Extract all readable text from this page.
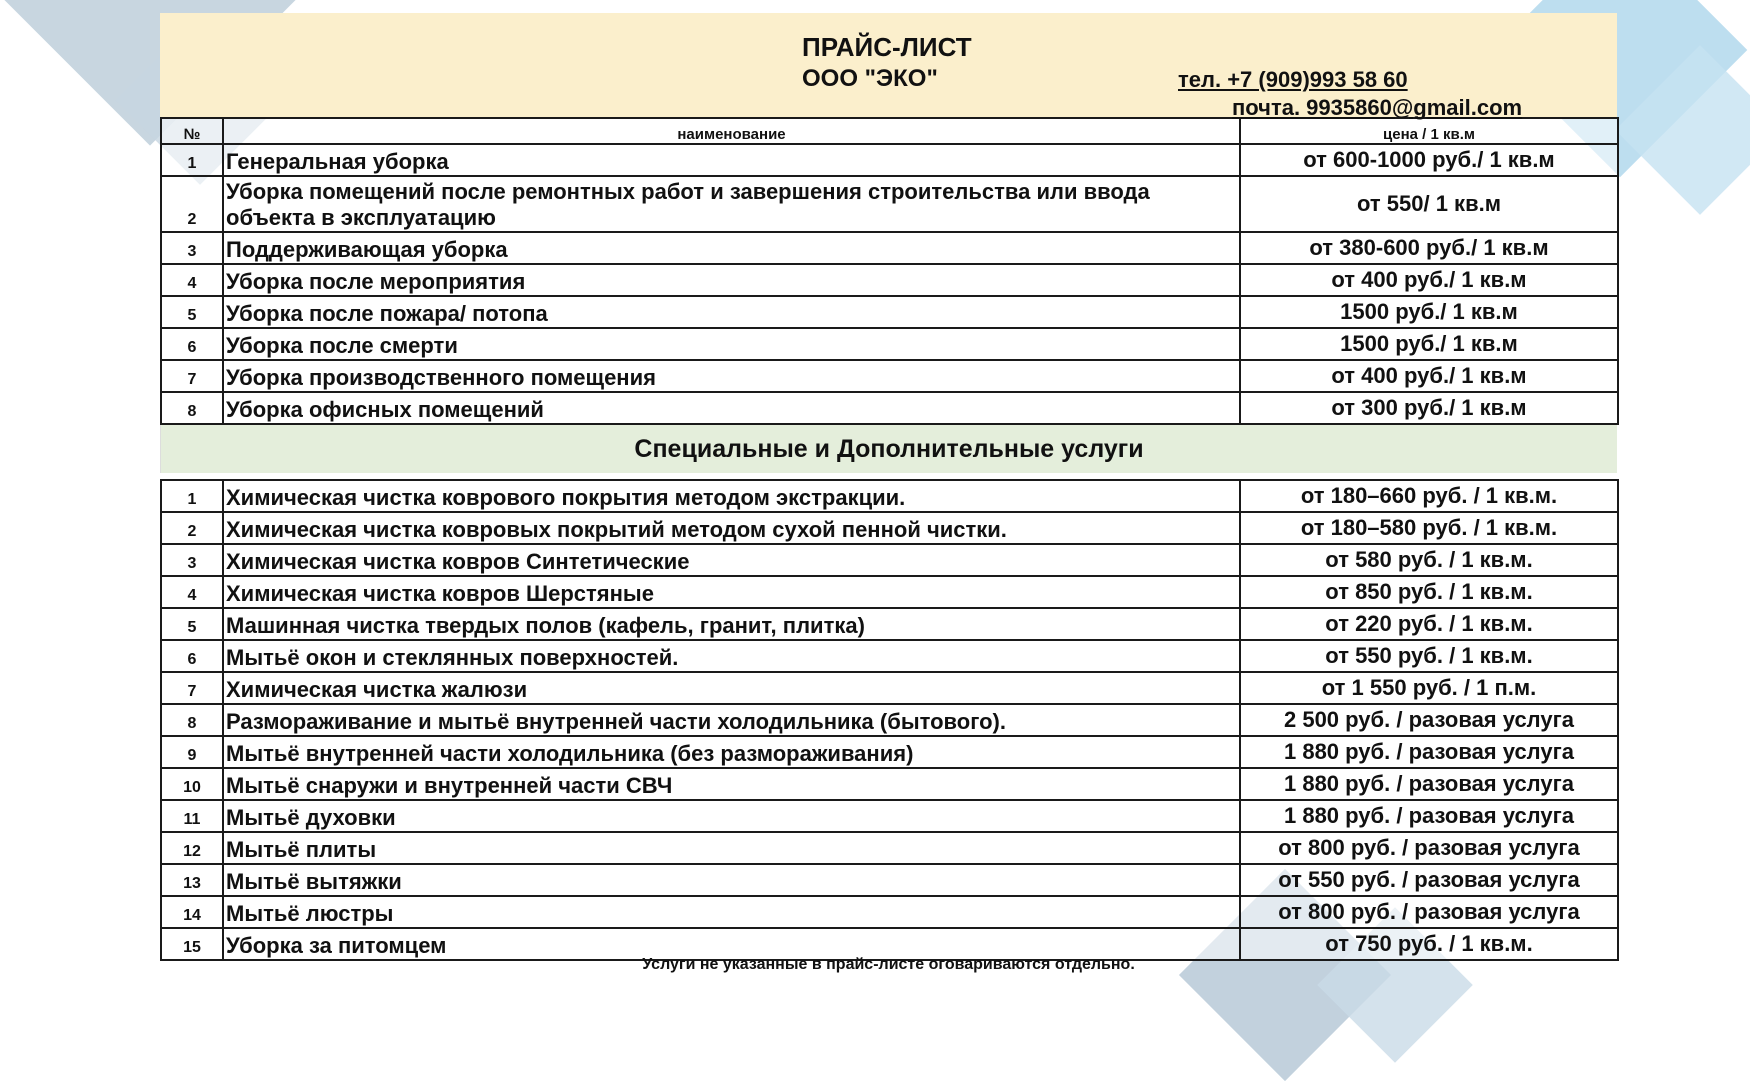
ПРАЙС-ЛИСТ
ООО "ЭКО"	тел. +7 (909)993 58 60
почта. 9935860@gmail.com
№	наименование	цена / 1 кв.м
1	Генеральная уборка	от 600-1000 руб./ 1 кв.м
2	Уборка помещений после ремонтных работ и завершения строительства или ввода объекта в эксплуатацию	от 550/ 1 кв.м
3	Поддерживающая уборка	от 380-600 руб./ 1 кв.м
4	Уборка после мероприятия	от 400 руб./ 1 кв.м
5	Уборка после пожара/ потопа	1500 руб./ 1 кв.м
6	Уборка после смерти	1500 руб./ 1 кв.м
7	Уборка производственного помещения	от 400 руб./ 1 кв.м
8	Уборка офисных помещений	от 300 руб./ 1 кв.м
Специальные и Дополнительные услуги
1	Химическая чистка коврового покрытия методом экстракции.	от 180–660 руб. / 1 кв.м.
2	Химическая чистка ковровых покрытий методом сухой пенной чистки.	от 180–580 руб. / 1 кв.м.
3	Химическая чистка ковров Синтетические	от 580 руб. / 1 кв.м.
4	Химическая чистка ковров Шерстяные	от 850 руб. / 1 кв.м.
5	Машинная чистка твердых полов (кафель, гранит, плитка)	от 220 руб. / 1 кв.м.
6	Мытьё окон и стеклянных поверхностей.	от 550 руб. / 1 кв.м.
7	Химическая чистка жалюзи	от 1 550 руб. / 1 п.м.
8	Размораживание и мытьё внутренней части холодильника (бытового).	2 500 руб. / разовая услуга
9	Мытьё внутренней части холодильника (без размораживания)	1 880 руб. / разовая услуга
10	Мытьё снаружи и внутренней части СВЧ	1 880 руб. / разовая услуга
11	Мытьё духовки	1 880 руб. / разовая услуга
12	Мытьё плиты	от 800 руб. / разовая услуга
13	Мытьё вытяжки	от 550 руб. / разовая услуга
14	Мытьё люстры	от 800 руб. / разовая услуга
15	Уборка за питомцем	от 750 руб. / 1 кв.м.
Услуги не указанные в прайс-листе оговариваются отдельно.
